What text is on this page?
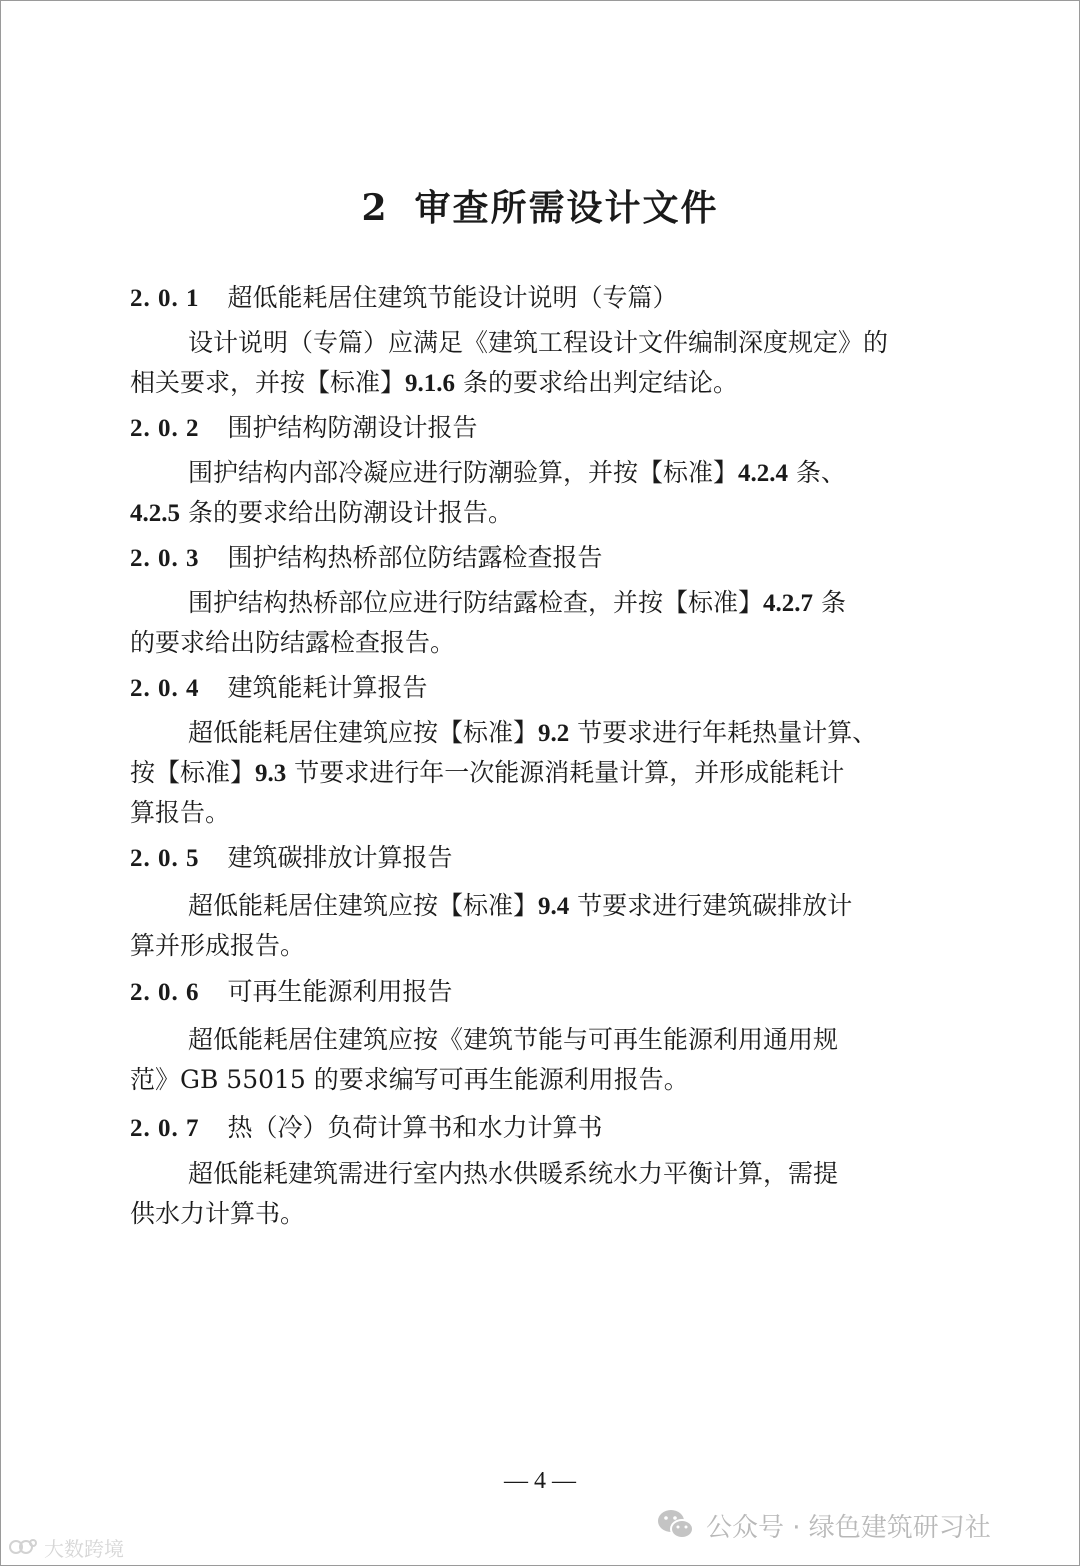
2 审查所需设计文件
2. 0. 1 超低能耗居住建筑节能设计说明（专篇）
设计说明（专篇）应满足《建筑工程设计文件编制深度规定》的
相关要求，并按【标准】9.1.6 条的要求给出判定结论。
2. 0. 2 围护结构防潮设计报告
围护结构内部冷凝应进行防潮验算，并按【标准】4.2.4 条、
4.2.5 条的要求给出防潮设计报告。
2. 0. 3 围护结构热桥部位防结露检查报告
围护结构热桥部位应进行防结露检查，并按【标准】4.2.7 条
的要求给出防结露检查报告。
2. 0. 4 建筑能耗计算报告
超低能耗居住建筑应按【标准】9.2 节要求进行年耗热量计算、
按【标准】9.3 节要求进行年一次能源消耗量计算，并形成能耗计
算报告。
2. 0. 5 建筑碳排放计算报告
超低能耗居住建筑应按【标准】9.4 节要求进行建筑碳排放计
算并形成报告。
2. 0. 6 可再生能源利用报告
超低能耗居住建筑应按《建筑节能与可再生能源利用通用规
范》GB 55015 的要求编写可再生能源利用报告。
2. 0. 7 热（冷）负荷计算书和水力计算书
超低能耗建筑需进行室内热水供暖系统水力平衡计算，需提
供水力计算书。
— 4 —
公众号 · 绿色建筑研习社
大数跨境
